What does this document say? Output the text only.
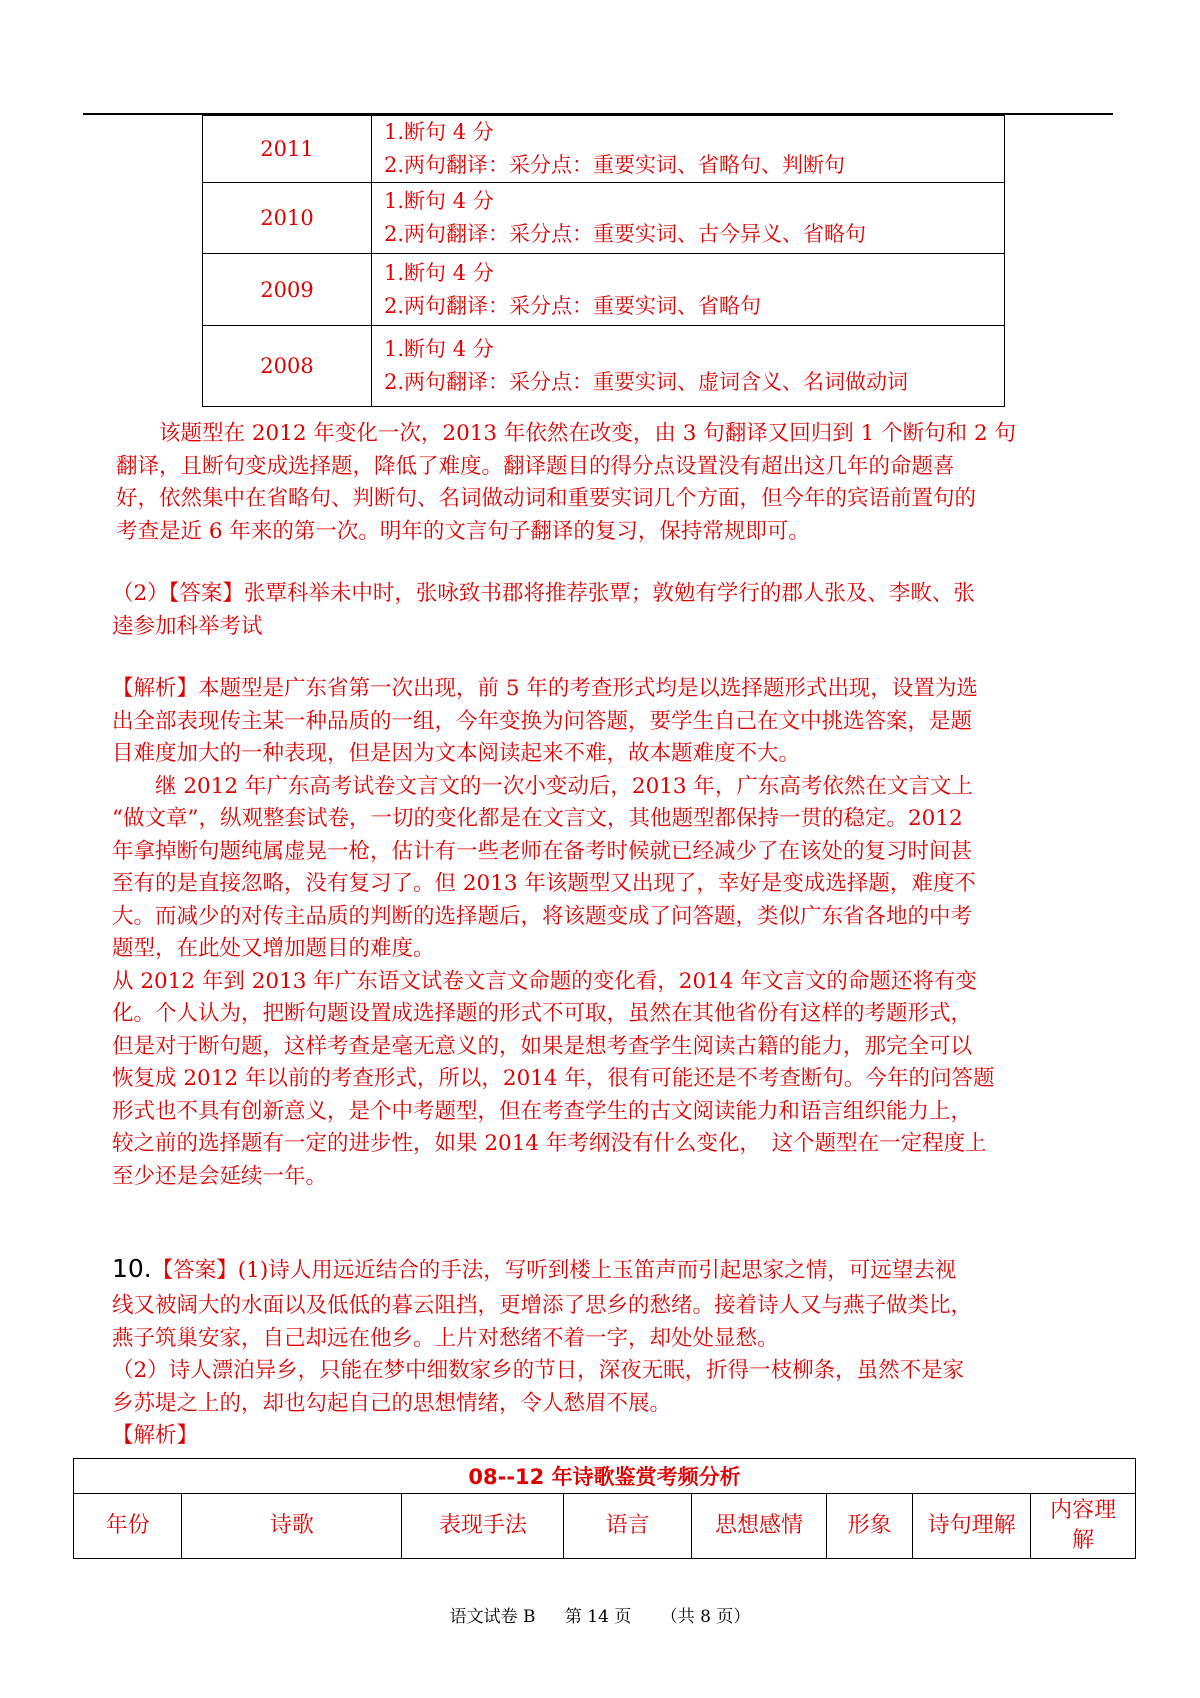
2011	1.断句 4 分
2.两句翻译：采分点：重要实词、省略句、判断句

2010	1.断句 4 分
2.两句翻译：采分点：重要实词、古今异义、省略句

2009	1.断句 4 分
2.两句翻译：采分点：重要实词、省略句

2008	1.断句 4 分
2.两句翻译：采分点：重要实词、虚词含义、名词做动词
　　该题型在 2012 年变化一次，2013 年依然在改变，由 3 句翻译又回归到 1 个断句和 2 句
翻译，且断句变成选择题，降低了难度。翻译题目的得分点设置没有超出这几年的命题喜
好，依然集中在省略句、判断句、名词做动词和重要实词几个方面，但今年的宾语前置句的
考查是近 6 年来的第一次。明年的文言句子翻译的复习，保持常规即可。
（2）【答案】张覃科举未中时，张咏致书郡将推荐张覃；敦勉有学行的郡人张及、李畋、张
逵参加科举考试
【解析】本题型是广东省第一次出现，前 5 年的考查形式均是以选择题形式出现，设置为选
出全部表现传主某一种品质的一组，今年变换为问答题，要学生自己在文中挑选答案，是题
目难度加大的一种表现，但是因为文本阅读起来不难，故本题难度不大。
　　继 2012 年广东高考试卷文言文的一次小变动后，2013 年，广东高考依然在文言文上
“做文章”，纵观整套试卷，一切的变化都是在文言文，其他题型都保持一贯的稳定。2012
年拿掉断句题纯属虚晃一枪，估计有一些老师在备考时候就已经减少了在该处的复习时间甚
至有的是直接忽略，没有复习了。但 2013 年该题型又出现了，幸好是变成选择题，难度不
大。而减少的对传主品质的判断的选择题后，将该题变成了问答题，类似广东省各地的中考
题型，在此处又增加题目的难度。
从 2012 年到 2013 年广东语文试卷文言文命题的变化看，2014 年文言文的命题还将有变
化。个人认为，把断句题设置成选择题的形式不可取，虽然在其他省份有这样的考题形式，
但是对于断句题，这样考查是毫无意义的，如果是想考查学生阅读古籍的能力，那完全可以
恢复成 2012 年以前的考查形式，所以，2014 年，很有可能还是不考查断句。今年的问答题
形式也不具有创新意义，是个中考题型，但在考查学生的古文阅读能力和语言组织能力上，
较之前的选择题有一定的进步性，如果 2014 年考纲没有什么变化，　这个题型在一定程度上
至少还是会延续一年。
10.【答案】(1)诗人用远近结合的手法，写听到楼上玉笛声而引起思家之情，可远望去视
线又被阔大的水面以及低低的暮云阻挡，更增添了思乡的愁绪。接着诗人又与燕子做类比，
燕子筑巢安家，自己却远在他乡。上片对愁绪不着一字，却处处显愁。
（2）诗人漂泊异乡，只能在梦中细数家乡的节日，深夜无眠，折得一枝柳条，虽然不是家
乡苏堤之上的，却也勾起自己的思想情绪，令人愁眉不展。
【解析】
08--12 年诗歌鉴赏考频分析
年份	诗歌	表现手法	语言	思想感情	形象	诗句理解	内容理解
语文试卷 B 第 14 页 （共 8 页）
